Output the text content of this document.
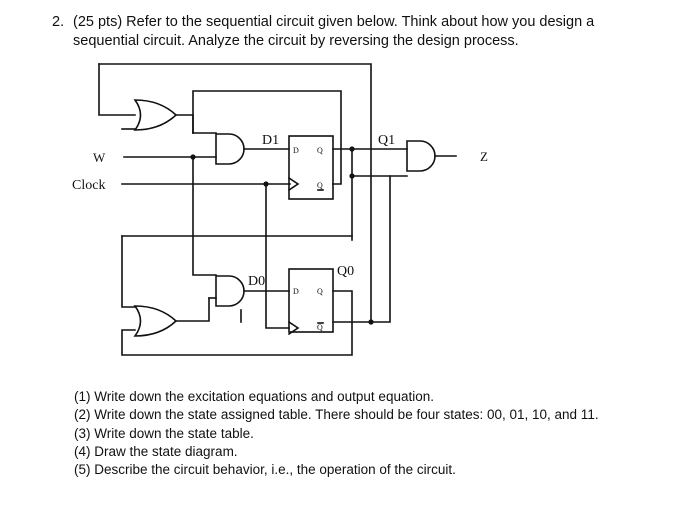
2. (25 pts) Refer to the sequential circuit given below. Think about how you design a sequential circuit. Analyze the circuit by reversing the design process.
W
Clock
D1	Q1
D0
Q0
Z
D Q
Q
D Q
Q
(1) Write down the excitation equations and output equation.
(2) Write down the state assigned table. There should be four states: 00, 01, 10, and 11.
(3) Write down the state table.
(4) Draw the state diagram.
(5) Describe the circuit behavior, i.e., the operation of the circuit.
